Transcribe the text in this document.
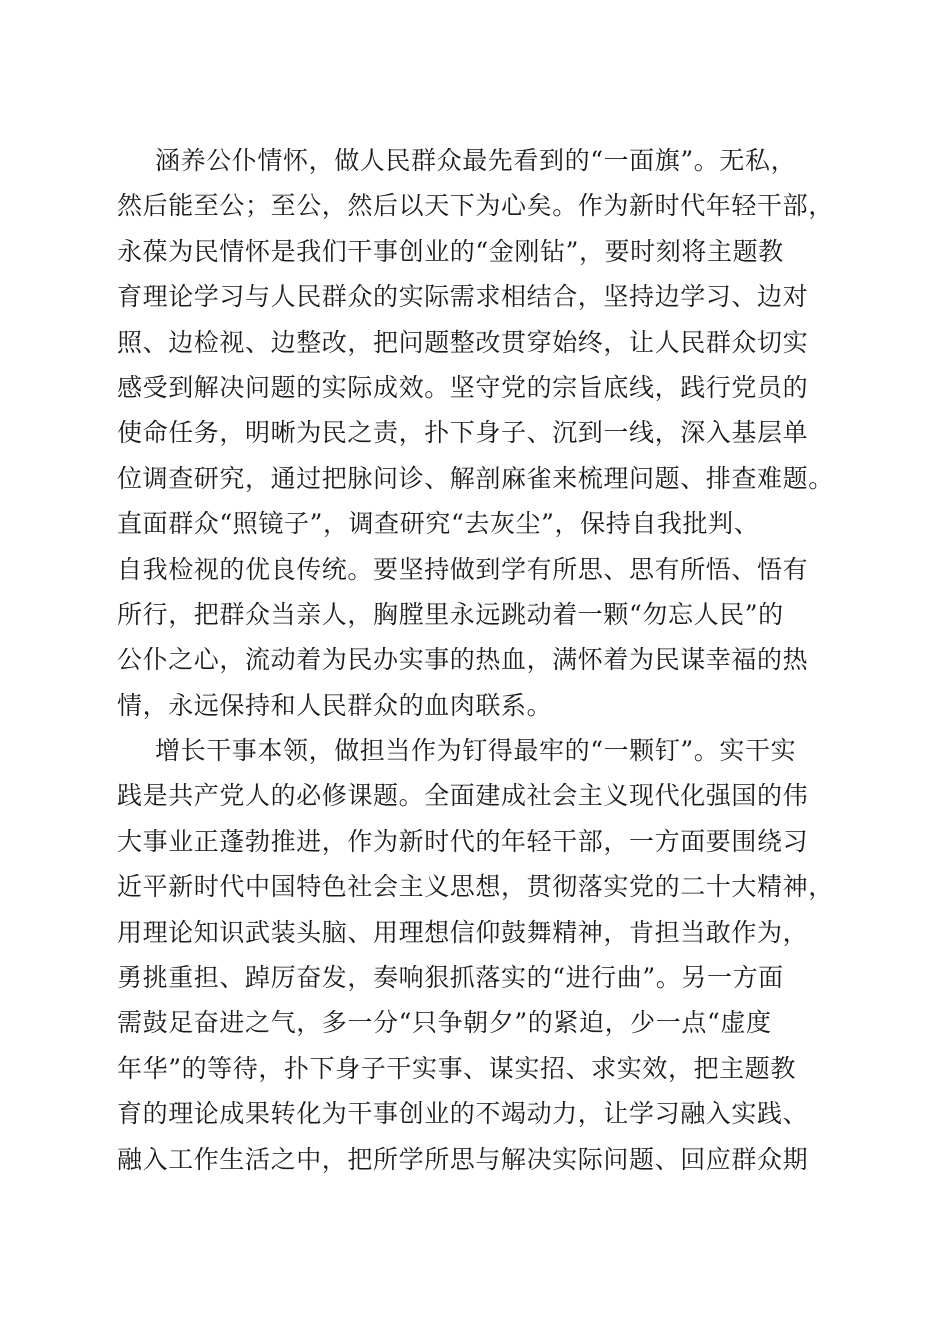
涵养公仆情怀，做人民群众最先看到的“一面旗”。无私，
然后能至公；至公，然后以天下为心矣。作为新时代年轻干部，
永葆为民情怀是我们干事创业的“金刚钻”，要时刻将主题教
育理论学习与人民群众的实际需求相结合，坚持边学习、边对
照、边检视、边整改，把问题整改贯穿始终，让人民群众切实
感受到解决问题的实际成效。坚守党的宗旨底线，践行党员的
使命任务，明晰为民之责，扑下身子、沉到一线，深入基层单
位调查研究，通过把脉问诊、解剖麻雀来梳理问题、排查难题。
直面群众“照镜子”，调查研究“去灰尘”，保持自我批判、
自我检视的优良传统。要坚持做到学有所思、思有所悟、悟有
所行，把群众当亲人，胸膛里永远跳动着一颗“勿忘人民”的
公仆之心，流动着为民办实事的热血，满怀着为民谋幸福的热
情，永远保持和人民群众的血肉联系。
增长干事本领，做担当作为钉得最牢的“一颗钉”。实干实
践是共产党人的必修课题。全面建成社会主义现代化强国的伟
大事业正蓬勃推进，作为新时代的年轻干部，一方面要围绕习
近平新时代中国特色社会主义思想，贯彻落实党的二十大精神，
用理论知识武装头脑、用理想信仰鼓舞精神，肯担当敢作为，
勇挑重担、踔厉奋发，奏响狠抓落实的“进行曲”。另一方面
需鼓足奋进之气，多一分“只争朝夕”的紧迫，少一点“虚度
年华”的等待，扑下身子干实事、谋实招、求实效，把主题教
育的理论成果转化为干事创业的不竭动力，让学习融入实践、
融入工作生活之中，把所学所思与解决实际问题、回应群众期
